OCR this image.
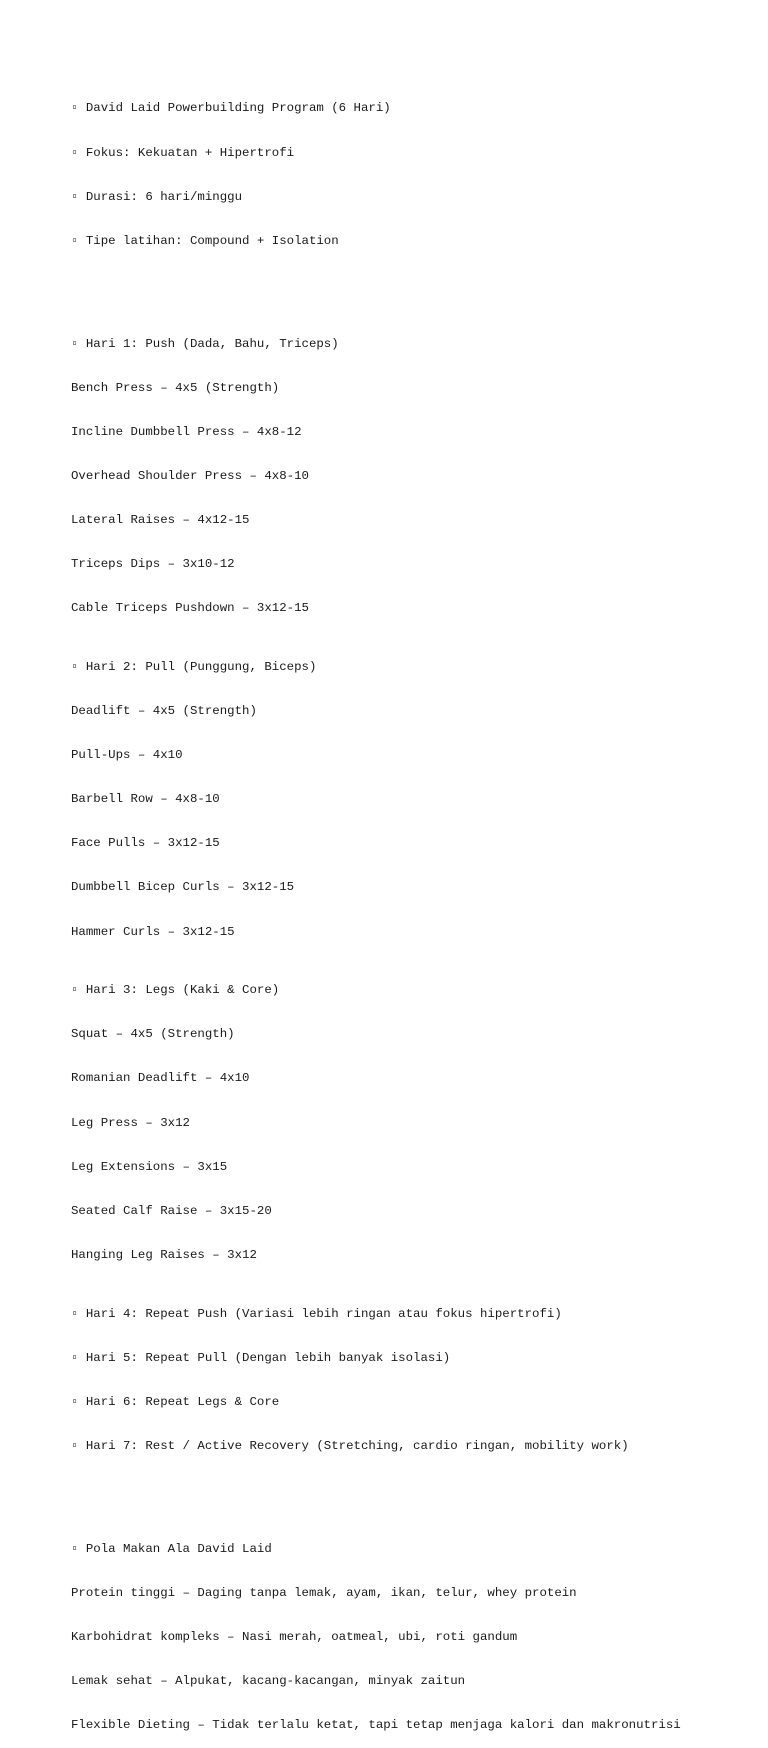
▫ David Laid Powerbuilding Program (6 Hari)

▫ Fokus: Kekuatan + Hipertrofi

▫ Durasi: 6 hari/minggu

▫ Tipe latihan: Compound + Isolation

▫ Hari 1: Push (Dada, Bahu, Triceps)

Bench Press – 4x5 (Strength)

Incline Dumbbell Press – 4x8-12

Overhead Shoulder Press – 4x8-10

Lateral Raises – 4x12-15

Triceps Dips – 3x10-12

Cable Triceps Pushdown – 3x12-15

▫ Hari 2: Pull (Punggung, Biceps)

Deadlift – 4x5 (Strength)

Pull-Ups – 4x10

Barbell Row – 4x8-10

Face Pulls – 3x12-15

Dumbbell Bicep Curls – 3x12-15

Hammer Curls – 3x12-15

▫ Hari 3: Legs (Kaki & Core)

Squat – 4x5 (Strength)

Romanian Deadlift – 4x10

Leg Press – 3x12

Leg Extensions – 3x15

Seated Calf Raise – 3x15-20

Hanging Leg Raises – 3x12

▫ Hari 4: Repeat Push (Variasi lebih ringan atau fokus hipertrofi)

▫ Hari 5: Repeat Pull (Dengan lebih banyak isolasi)

▫ Hari 6: Repeat Legs & Core

▫ Hari 7: Rest / Active Recovery (Stretching, cardio ringan, mobility work)

▫ Pola Makan Ala David Laid

Protein tinggi – Daging tanpa lemak, ayam, ikan, telur, whey protein

Karbohidrat kompleks – Nasi merah, oatmeal, ubi, roti gandum

Lemak sehat – Alpukat, kacang-kacangan, minyak zaitun

Flexible Dieting – Tidak terlalu ketat, tapi tetap menjaga kalori dan makronutrisi
